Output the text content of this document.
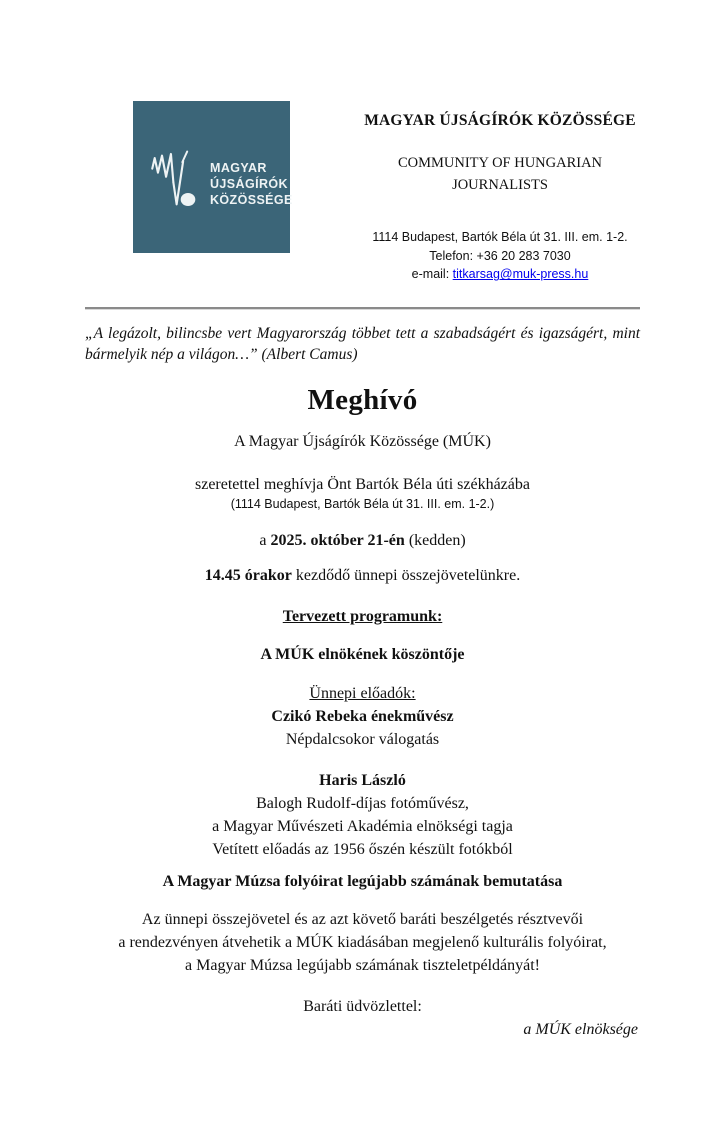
MAGYAR
ÚJSÁGÍRÓK
KÖZÖSSÉGE
MAGYAR ÚJSÁGÍRÓK KÖZÖSSÉGE
COMMUNITY OF HUNGARIAN
JOURNALISTS
1114 Budapest, Bartók Béla út 31. III. em. 1-2.
Telefon: +36 20 283 7030
e-mail: titkarsag@muk-press.hu
„A legázolt, bilincsbe vert Magyarország többet tett a szabadságért és igazságért, mint bármelyik nép a világon…” (Albert Camus)
Meghívó
A Magyar Újságírók Közössége (MÚK)
szeretettel meghívja Önt Bartók Béla úti székházába
(1114 Budapest, Bartók Béla út 31. III. em. 1-2.)
a 2025. október 21-én (kedden)
14.45 órakor kezdődő ünnepi összejövetelünkre.
Tervezett programunk:
A MÚK elnökének köszöntője
Ünnepi előadók:
Czikó Rebeka énekművész
Népdalcsokor válogatás
Haris László
Balogh Rudolf-díjas fotóművész,
a Magyar Művészeti Akadémia elnökségi tagja
Vetített előadás az 1956 őszén készült fotókból
A Magyar Múzsa folyóirat legújabb számának bemutatása
Az ünnepi összejövetel és az azt követő baráti beszélgetés résztvevői
a rendezvényen átvehetik a MÚK kiadásában megjelenő kulturális folyóirat,
a Magyar Múzsa legújabb számának tiszteletpéldányát!
Baráti üdvözlettel:
a MÚK elnöksége
